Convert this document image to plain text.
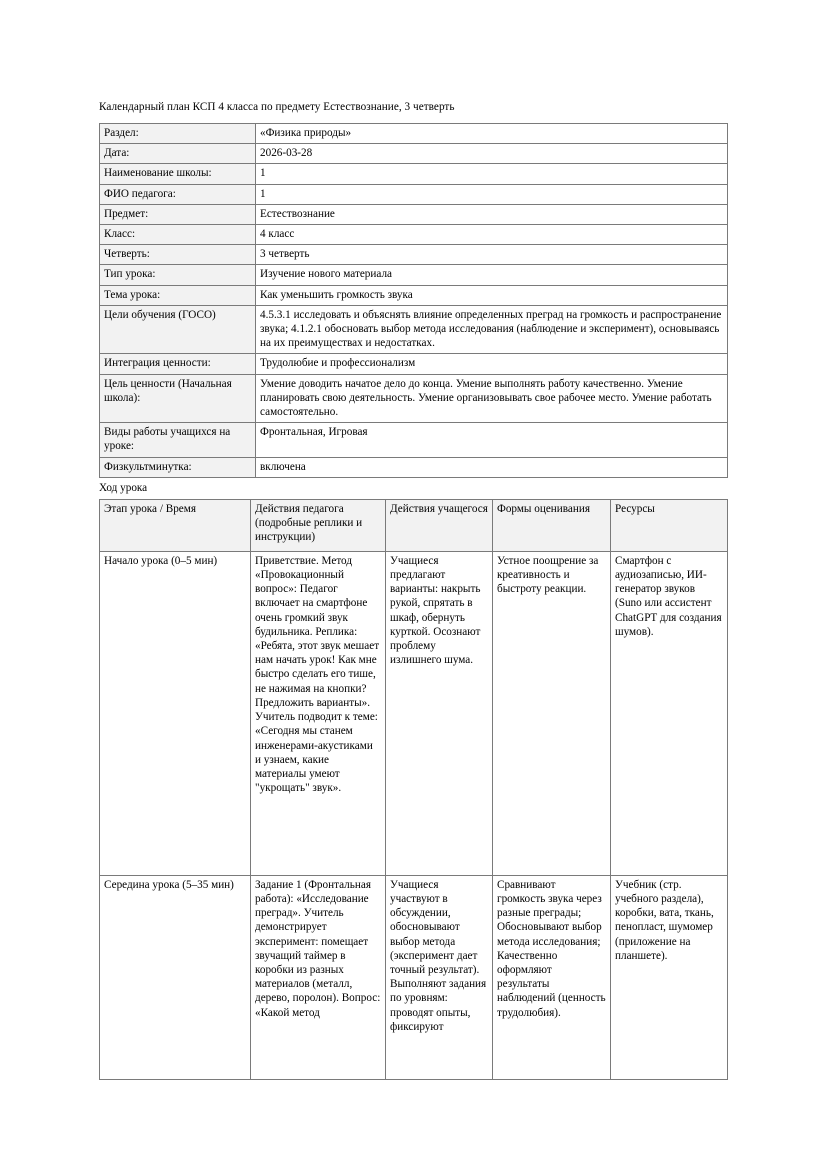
Календарный план КСП 4 класса по предмету Естествознание, 3 четверть

Раздел:	«Физика природы»
Дата:	2026-03-28
Наименование школы:	1
ФИО педагога:	1
Предмет:	Естествознание
Класс:	4 класс
Четверть:	3 четверть
Тип урока:	Изучение нового материала
Тема урока:	Как уменьшить громкость звука
Цели обучения (ГОСО)	4.5.3.1 исследовать и объяснять влияние определенных преград на громкость и распространение звука; 4.1.2.1 обосновать выбор метода исследования (наблюдение и эксперимент), основываясь на их преимуществах и недостатках.
Интеграция ценности:	Трудолюбие и профессионализм
Цель ценности (Начальная школа):	Умение доводить начатое дело до конца. Умение выполнять работу качественно. Умение планировать свою деятельность. Умение организовывать свое рабочее место. Умение работать самостоятельно.
Виды работы учащихся на уроке:	Фронтальная, Игровая
Физкультминутка:	включена

Ход урока

Этап урока / Время	Действия педагога (подробные реплики и инструкции)	Действия учащегося	Формы оценивания	Ресурсы
Начало урока (0–5 мин)	Приветствие. Метод «Провокационный вопрос»: Педагог включает на смартфоне очень громкий звук будильника. Реплика: «Ребята, этот звук мешает нам начать урок! Как мне быстро сделать его тише, не нажимая на кнопки? Предложить варианты». Учитель подводит к теме: «Сегодня мы станем инженерами-акустиками и узнаем, какие материалы умеют "укрощать" звук».	Учащиеся предлагают варианты: накрыть рукой, спрятать в шкаф, обернуть курткой. Осознают проблему излишнего шума.	Устное поощрение за креативность и быстроту реакции.	Смартфон с аудиозаписью, ИИ-генератор звуков (Suno или ассистент ChatGPT для создания шумов).
Середина урока (5–35 мин)	Задание 1 (Фронтальная работа): «Исследование преград». Учитель демонстрирует эксперимент: помещает звучащий таймер в коробки из разных материалов (металл, дерево, поролон). Вопрос: «Какой метод	Учащиеся участвуют в обсуждении, обосновывают выбор метода (эксперимент дает точный результат). Выполняют задания по уровням: проводят опыты, фиксируют	Сравнивают громкость звука через разные преграды; Обосновывают выбор метода исследования; Качественно оформляют результаты наблюдений (ценность трудолюбия).	Учебник (стр. учебного раздела), коробки, вата, ткань, пенопласт, шумомер (приложение на планшете).
